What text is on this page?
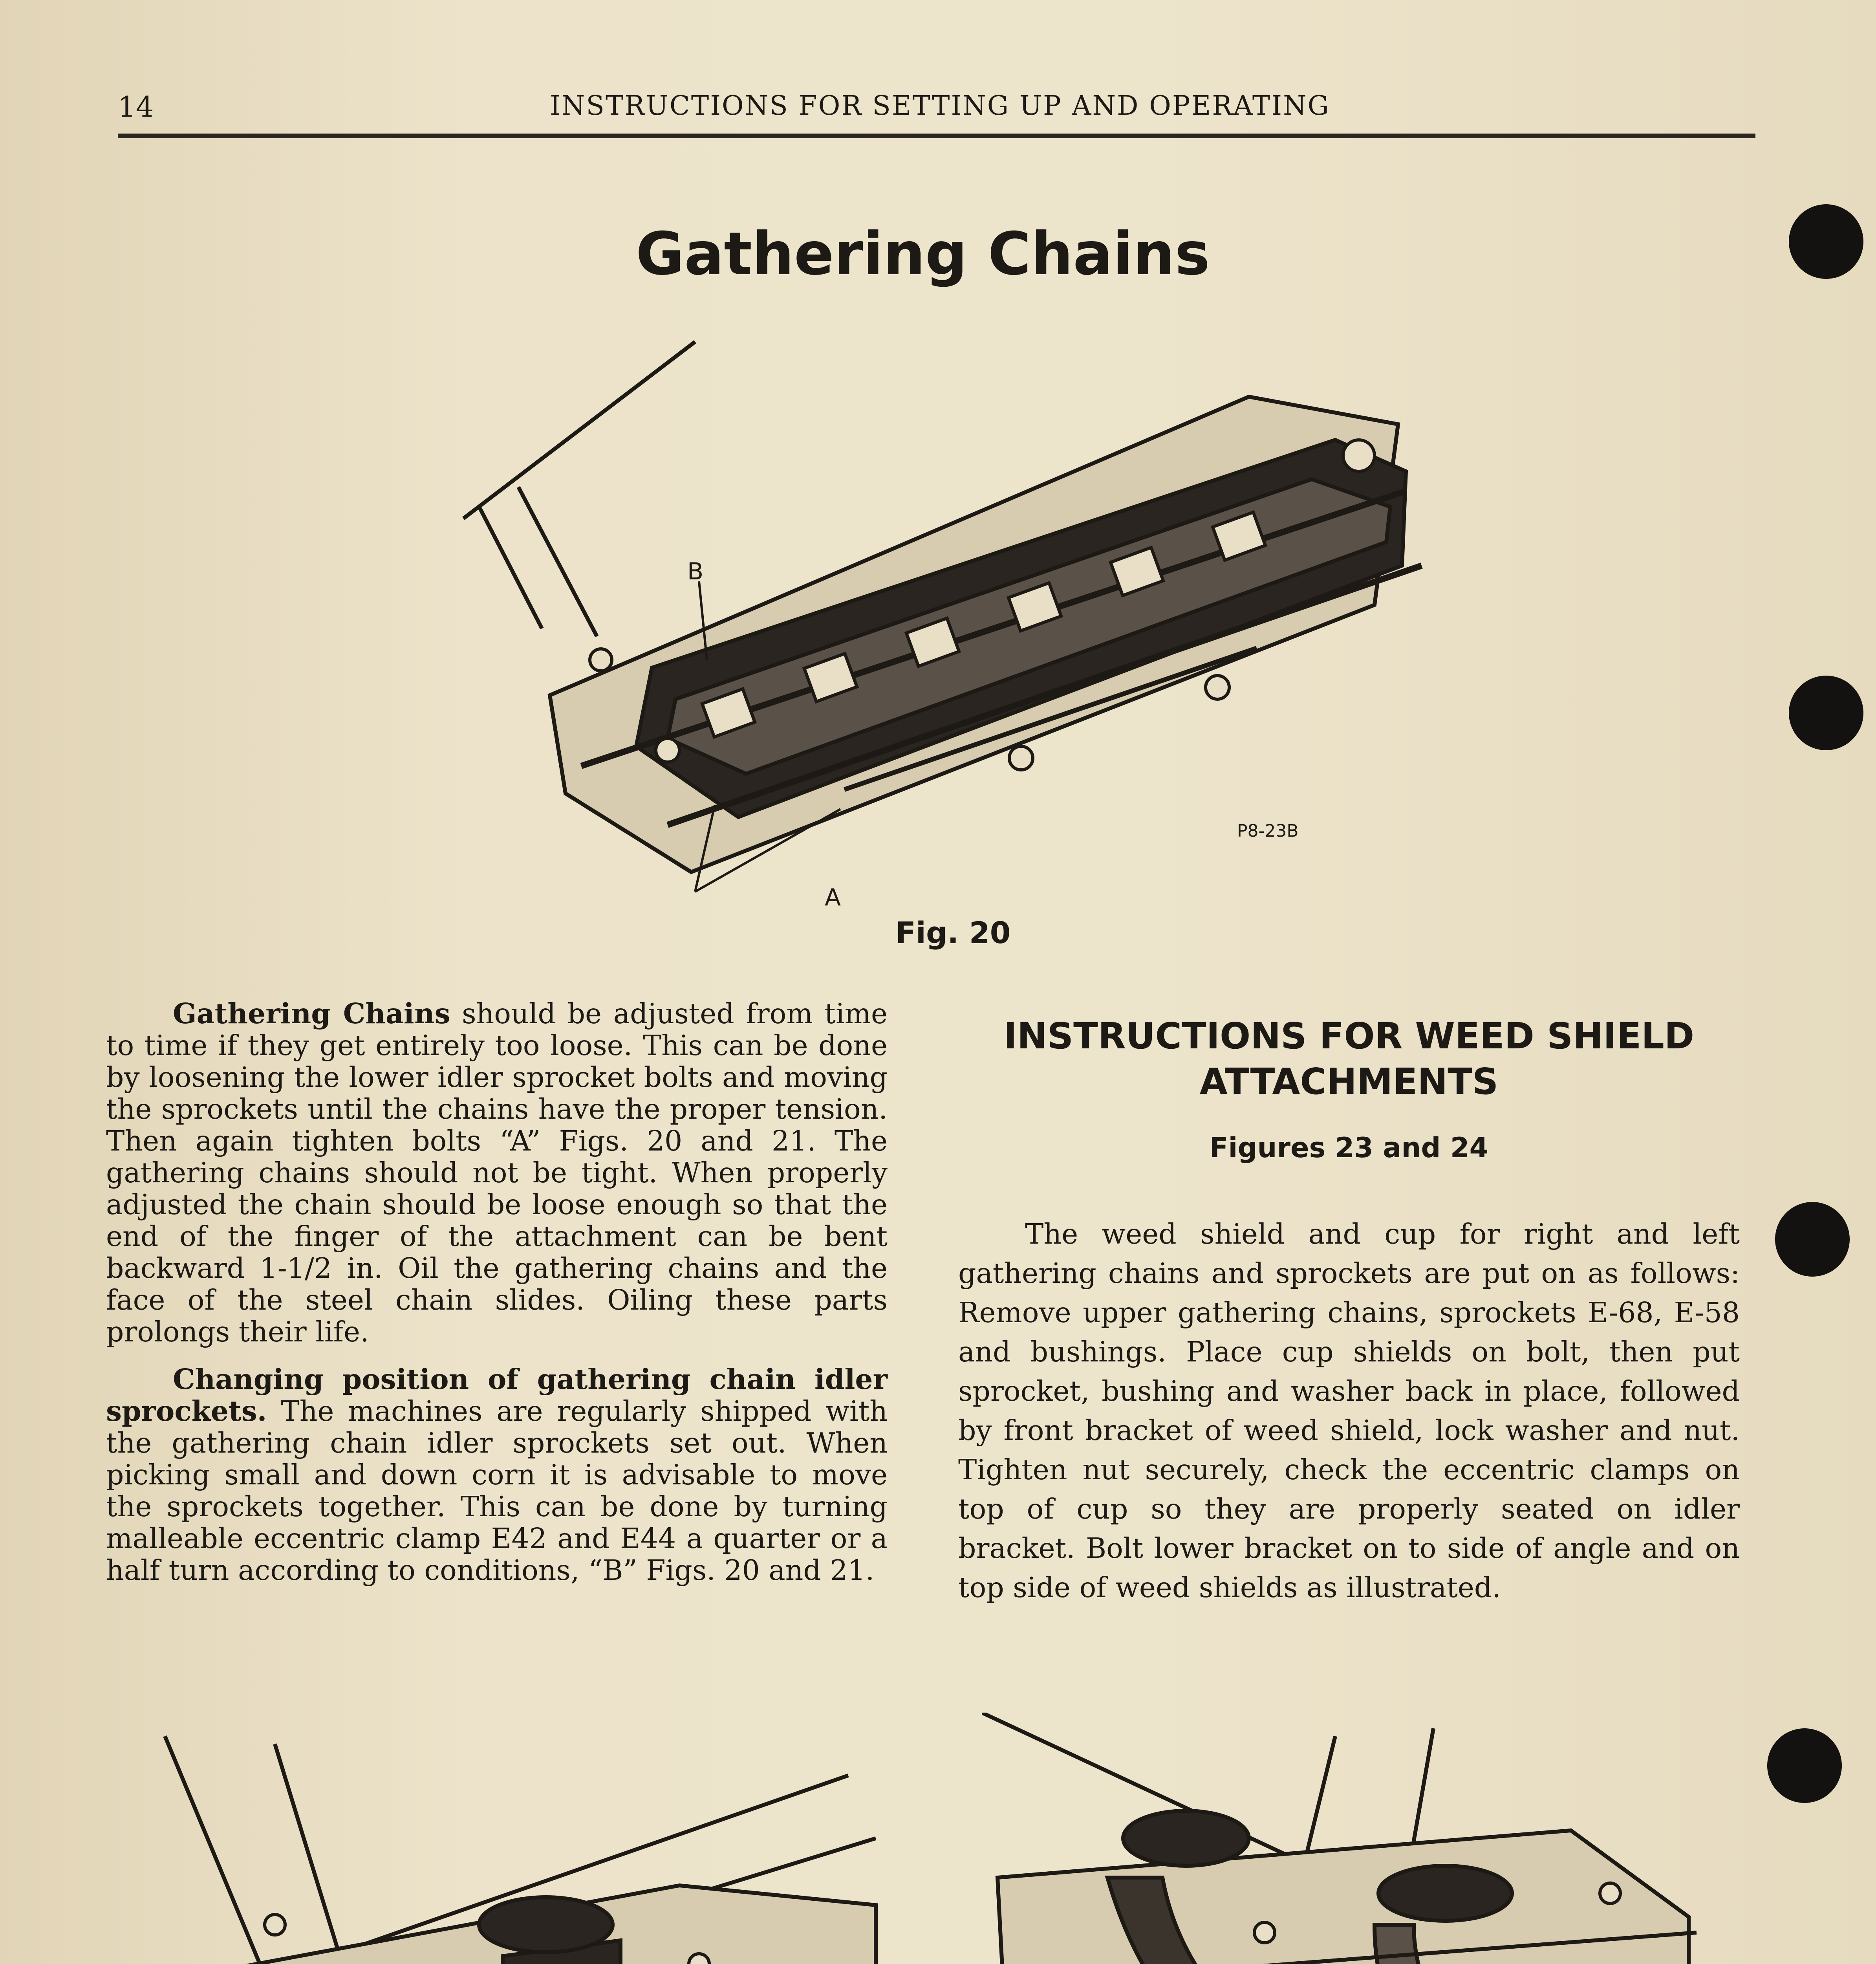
14	INSTRUCTIONS FOR SETTING UP AND OPERATING
Gathering Chains
B
A
P8-23B
Fig. 20

Gathering Chains should be adjusted from time to time if they get entirely too loose. This can be done by loosening the lower idler sprocket bolts and moving the sprockets until the chains have the proper tension. Then again tighten bolts “A” Figs. 20 and 21. The gathering chains should not be tight. When properly adjusted the chain should be loose enough so that the end of the finger of the attachment can be bent backward 1-1/2 in. Oil the gathering chains and the face of the steel chain slides. Oiling these parts prolongs their life.

Changing position of gathering chain idler sprockets. The machines are regularly shipped with the gathering chain idler sprockets set out. When picking small and down corn it is advisable to move the sprockets together. This can be done by turning malleable eccentric clamp E42 and E44 a quarter or a half turn according to conditions, “B” Figs. 20 and 21.

INSTRUCTIONS FOR WEED SHIELD ATTACHMENTS
Figures 23 and 24

The weed shield and cup for right and left gathering chains and sprockets are put on as follows: Remove upper gathering chains, sprockets E-68, E-58 and bushings. Place cup shields on bolt, then put sprocket, bushing and washer back in place, followed by front bracket of weed shield, lock washer and nut. Tighten nut securely, check the eccentric clamps on top of cup so they are properly seated on idler bracket. Bolt lower bracket on to side of angle and on top side of weed shields as illustrated.
